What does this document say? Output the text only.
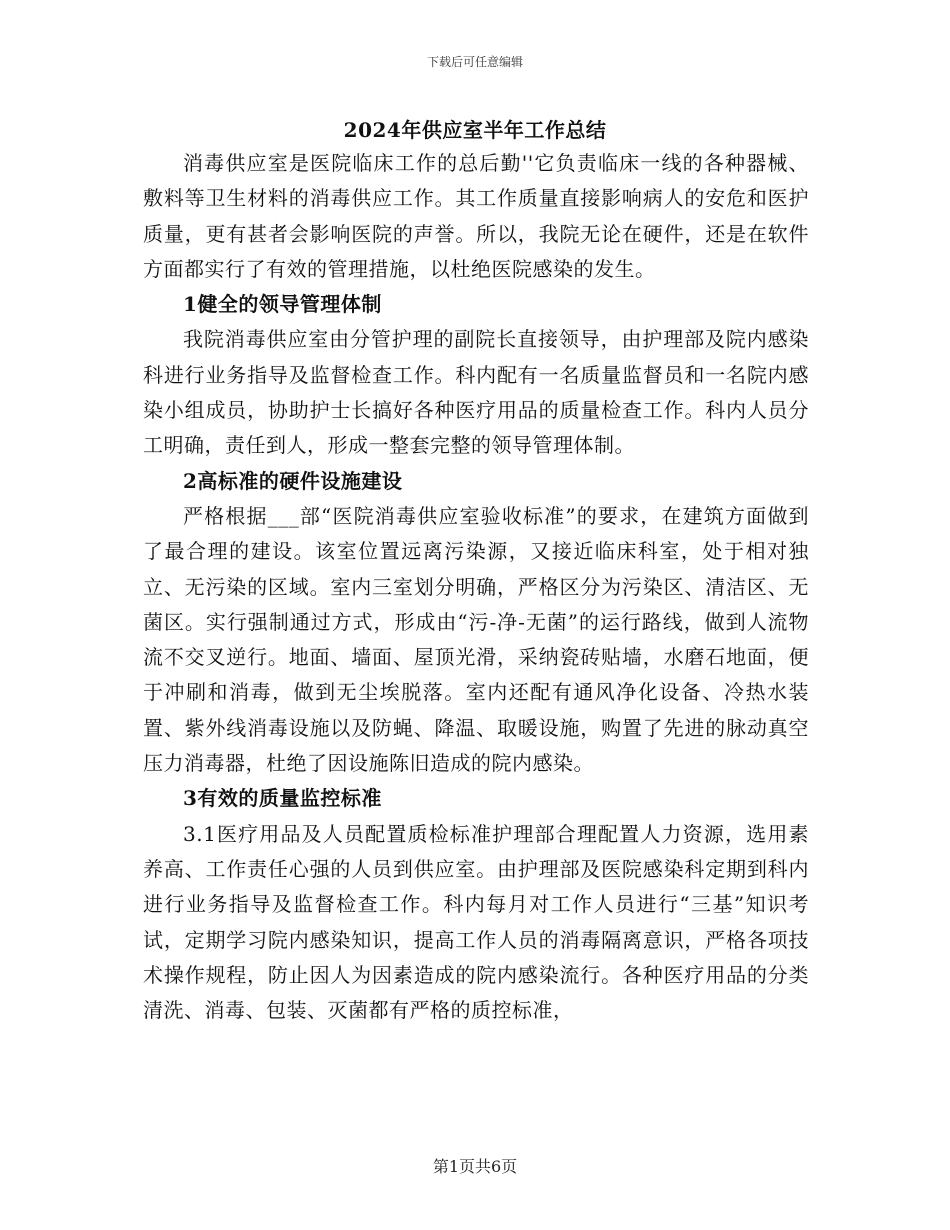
下载后可任意编辑
2024年供应室半年工作总结

消毒供应室是医院临床工作的总后勤''它负责临床一线的各种器械、敷料等卫生材料的消毒供应工作。其工作质量直接影响病人的安危和医护质量，更有甚者会影响医院的声誉。所以，我院无论在硬件，还是在软件方面都实行了有效的管理措施，以杜绝医院感染的发生。

1健全的领导管理体制

我院消毒供应室由分管护理的副院长直接领导，由护理部及院内感染科进行业务指导及监督检查工作。科内配有一名质量监督员和一名院内感染小组成员，协助护士长搞好各种医疗用品的质量检查工作。科内人员分工明确，责任到人，形成一整套完整的领导管理体制。

2高标准的硬件设施建设

严格根据___部“医院消毒供应室验收标准”的要求，在建筑方面做到了最合理的建设。该室位置远离污染源，又接近临床科室，处于相对独立、无污染的区域。室内三室划分明确，严格区分为污染区、清洁区、无菌区。实行强制通过方式，形成由“污-净-无菌”的运行路线，做到人流物流不交叉逆行。地面、墙面、屋顶光滑，采纳瓷砖贴墙，水磨石地面，便于冲刷和消毒，做到无尘埃脱落。室内还配有通风净化设备、冷热水装置、紫外线消毒设施以及防蝇、降温、取暖设施，购置了先进的脉动真空压力消毒器，杜绝了因设施陈旧造成的院内感染。

3有效的质量监控标准

3.1医疗用品及人员配置质检标准护理部合理配置人力资源，选用素养高、工作责任心强的人员到供应室。由护理部及医院感染科定期到科内进行业务指导及监督检查工作。科内每月对工作人员进行“三基”知识考试，定期学习院内感染知识，提高工作人员的消毒隔离意识，严格各项技术操作规程，防止因人为因素造成的院内感染流行。各种医疗用品的分类清洗、消毒、包装、灭菌都有严格的质控标准，

第1页共6页
